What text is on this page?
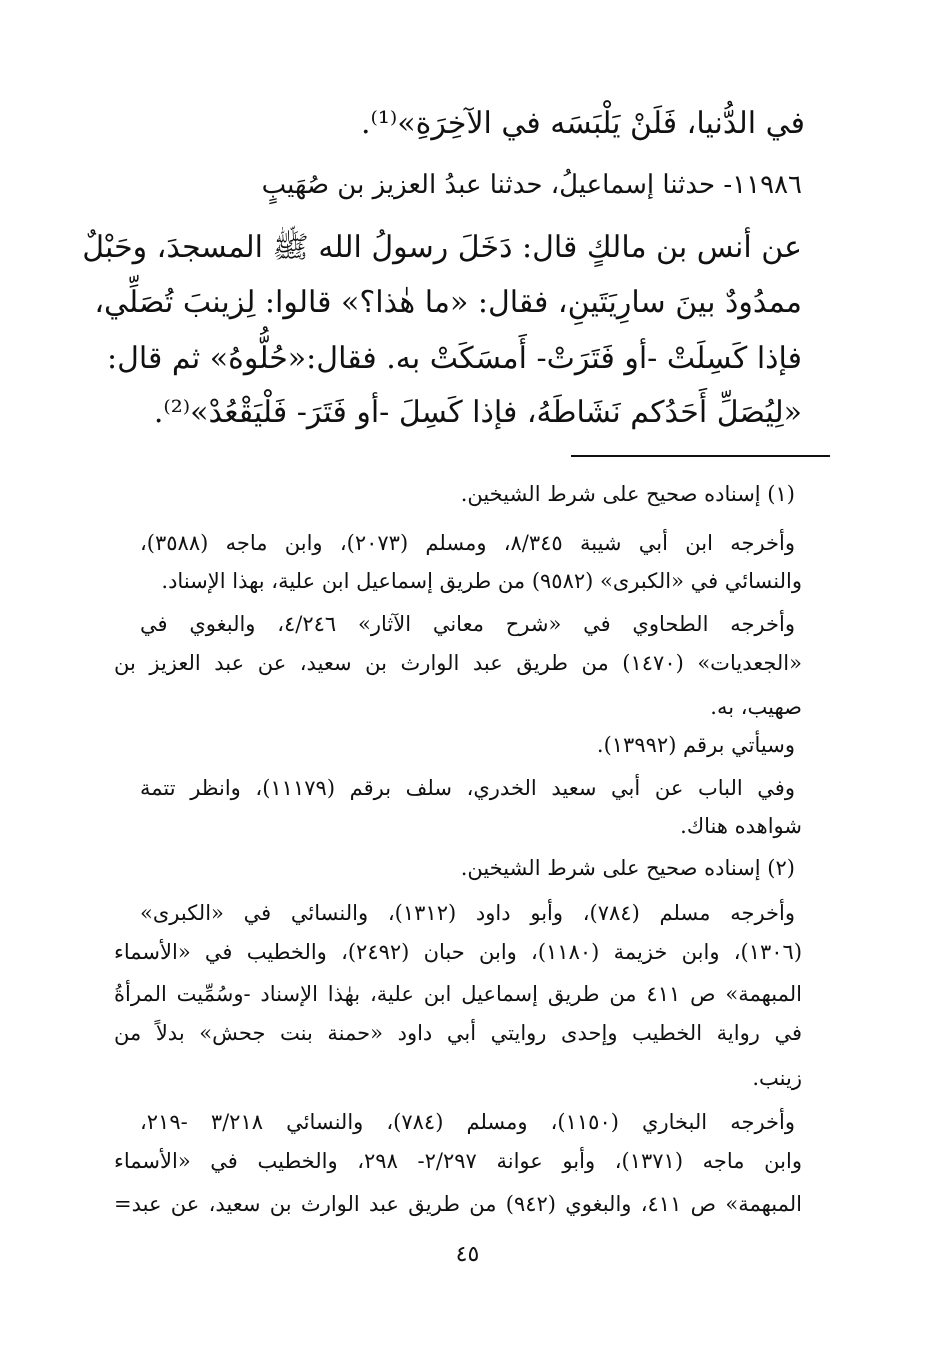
في الدُّنيا، فَلَنْ يَلْبَسَه في الآخِرَةِ»⁽¹⁾.
١١٩٨٦- حدثنا إسماعيلُ، حدثنا عبدُ العزيز بن صُهَيبٍ
عن أنس بن مالكٍ قال: دَخَلَ رسولُ الله ﷺ المسجدَ، وحَبْلٌ
ممدُودٌ بينَ سارِيَتَينِ، فقال: «ما هٰذا؟» قالوا: لِزينبَ تُصَلِّي،
فإذا كَسِلَتْ -أو فَتَرَتْ- أَمسَكَتْ به. فقال:«حُلُّوهُ» ثم قال:
«لِيُصَلِّ أَحَدُكم نَشَاطَهُ، فإذا كَسِلَ -أو فَتَرَ- فَلْيَقْعُدْ»⁽²⁾.
(١) إسناده صحيح على شرط الشيخين.
وأخرجه ابن أبي شيبة ٨/٣٤٥، ومسلم (٢٠٧٣)، وابن ماجه (٣٥٨٨)،
والنسائي في «الكبرى» (٩٥٨٢) من طريق إسماعيل ابن علية، بهذا الإسناد.
وأخرجه الطحاوي في «شرح معاني الآثار» ٤/٢٤٦، والبغوي في
«الجعديات» (١٤٧٠) من طريق عبد الوارث بن سعيد، عن عبد العزيز بن
صهيب، به.
وسيأتي برقم (١٣٩٩٢).
وفي الباب عن أبي سعيد الخدري، سلف برقم (١١١٧٩)، وانظر تتمة
شواهده هناك.
(٢) إسناده صحيح على شرط الشيخين.
وأخرجه مسلم (٧٨٤)، وأبو داود (١٣١٢)، والنسائي في «الكبرى»
(١٣٠٦)، وابن خزيمة (١١٨٠)، وابن حبان (٢٤٩٢)، والخطيب في «الأسماء
المبهمة» ص ٤١١ من طريق إسماعيل ابن علية، بهٰذا الإسناد -وسُمِّيت المرأةُ
في رواية الخطيب وإحدى روايتي أبي داود «حمنة بنت جحش» بدلاً من
زينب.
وأخرجه البخاري (١١٥٠)، ومسلم (٧٨٤)، والنسائي ٣/٢١٨ -٢١٩،
وابن ماجه (١٣٧١)، وأبو عوانة ٢/٢٩٧- ٢٩٨، والخطيب في «الأسماء
المبهمة» ص ٤١١، والبغوي (٩٤٢) من طريق عبد الوارث بن سعيد، عن عبد=
٤٥
